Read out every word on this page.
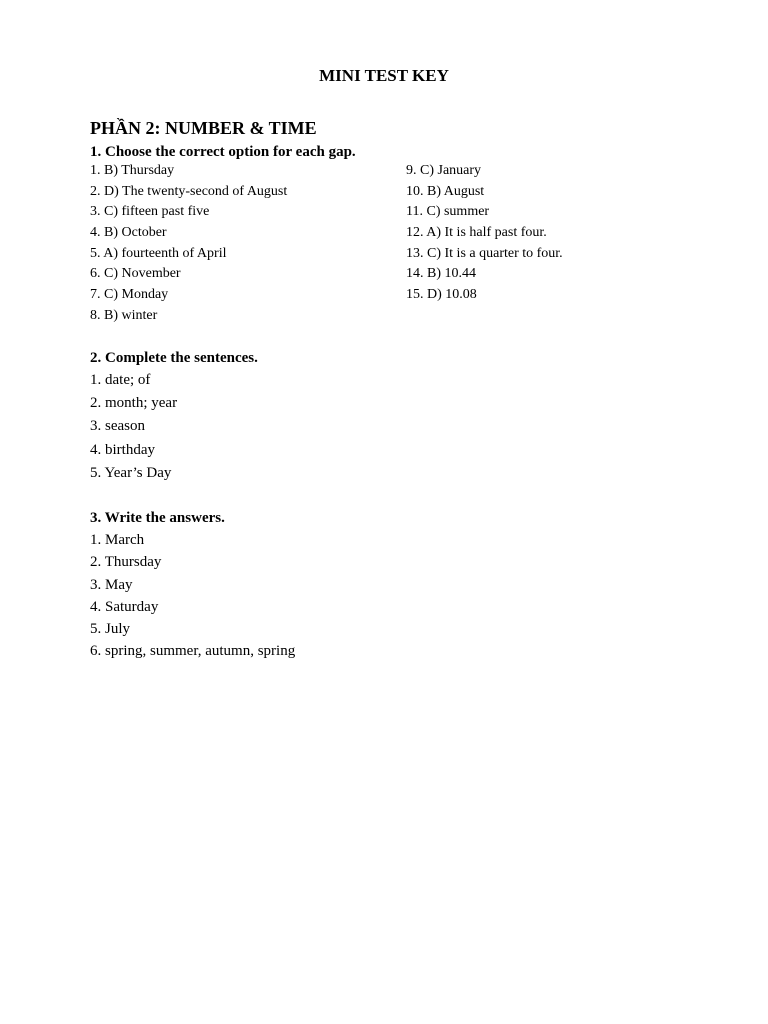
MINI TEST KEY
PHẦN 2: NUMBER & TIME
1. Choose the correct option for each gap.
1. B) Thursday
2. D) The twenty-second of August
3. C) fifteen past five
4. B) October
5. A) fourteenth of April
6. C) November
7. C) Monday
8. B) winter
9. C) January
10. B) August
11. C) summer
12. A) It is half past four.
13. C) It is a quarter to four.
14. B) 10.44
15. D) 10.08
2. Complete the sentences.
1. date; of
2. month; year
3. season
4. birthday
5. Year’s Day
3. Write the answers.
1. March
2. Thursday
3. May
4. Saturday
5. July
6. spring, summer, autumn, spring
